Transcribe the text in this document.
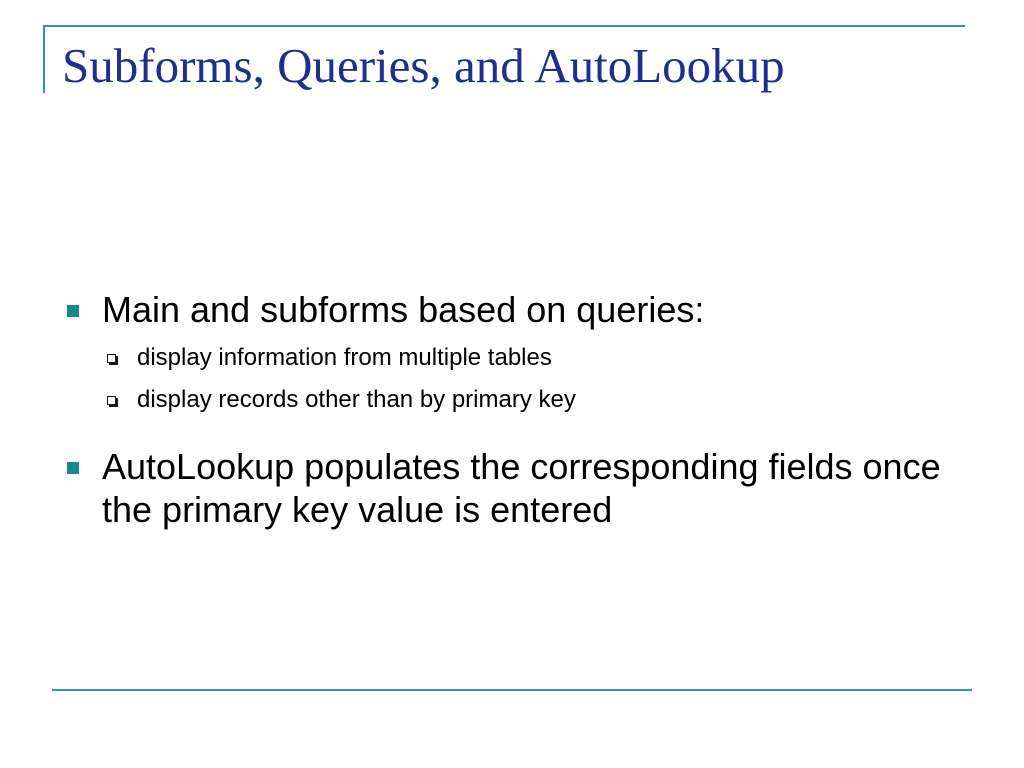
Subforms, Queries, and AutoLookup
Main and subforms based on queries:
display information from multiple tables
display records other than by primary key
AutoLookup populates the corresponding fields once the primary key value is entered
